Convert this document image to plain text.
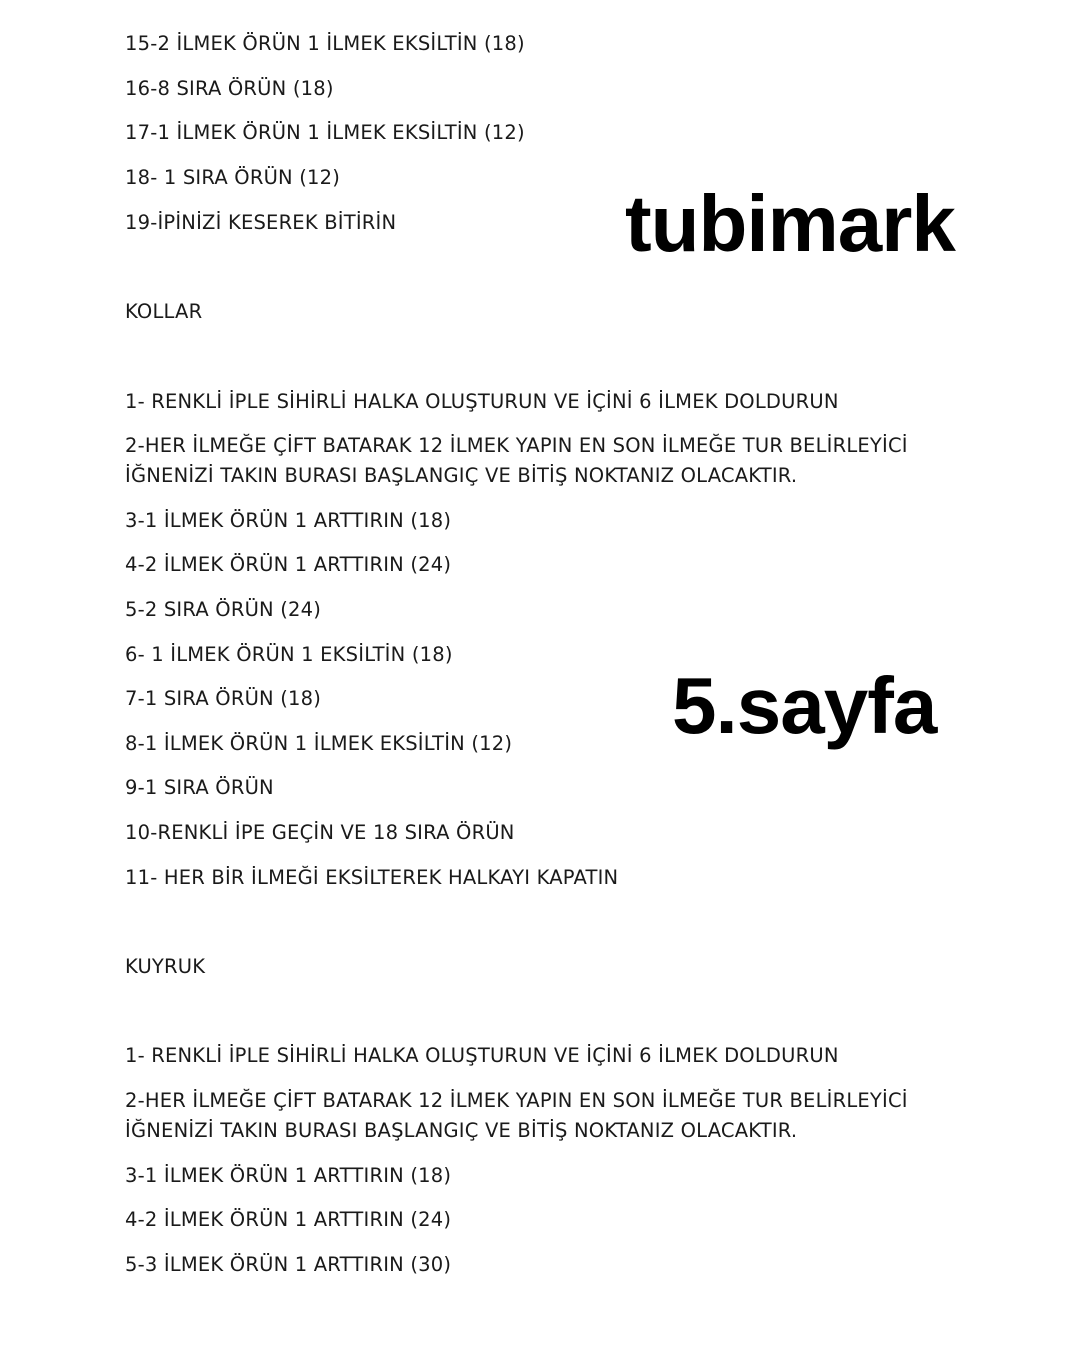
15-2 İLMEK ÖRÜN 1 İLMEK EKSİLTİN (18)
16-8 SIRA ÖRÜN (18)
17-1 İLMEK ÖRÜN 1 İLMEK EKSİLTİN (12)
18- 1 SIRA ÖRÜN (12)
19-İPİNİZİ KESEREK BİTİRİN
KOLLAR
1- RENKLİ İPLE SİHİRLİ HALKA OLUŞTURUN VE İÇİNİ 6 İLMEK DOLDURUN
2-HER İLMEĞE ÇİFT BATARAK 12 İLMEK YAPIN EN SON İLMEĞE TUR BELİRLEYİCİ
İĞNENİZİ TAKIN BURASI BAŞLANGIÇ VE BİTİŞ NOKTANIZ OLACAKTIR.
3-1 İLMEK ÖRÜN 1 ARTTIRIN (18)
4-2 İLMEK ÖRÜN 1 ARTTIRIN (24)
5-2 SIRA ÖRÜN (24)
6- 1 İLMEK ÖRÜN 1 EKSİLTİN (18)
7-1 SIRA ÖRÜN (18)
8-1 İLMEK ÖRÜN 1 İLMEK EKSİLTİN (12)
9-1 SIRA ÖRÜN
10-RENKLİ İPE GEÇİN VE 18 SIRA ÖRÜN
11- HER BİR İLMEĞİ EKSİLTEREK HALKAYI KAPATIN
KUYRUK
1- RENKLİ İPLE SİHİRLİ HALKA OLUŞTURUN VE İÇİNİ 6 İLMEK DOLDURUN
2-HER İLMEĞE ÇİFT BATARAK 12 İLMEK YAPIN EN SON İLMEĞE TUR BELİRLEYİCİ
İĞNENİZİ TAKIN BURASI BAŞLANGIÇ VE BİTİŞ NOKTANIZ OLACAKTIR.
3-1 İLMEK ÖRÜN 1 ARTTIRIN (18)
4-2 İLMEK ÖRÜN 1 ARTTIRIN (24)
5-3 İLMEK ÖRÜN 1 ARTTIRIN (30)
tubimark
5.sayfa
